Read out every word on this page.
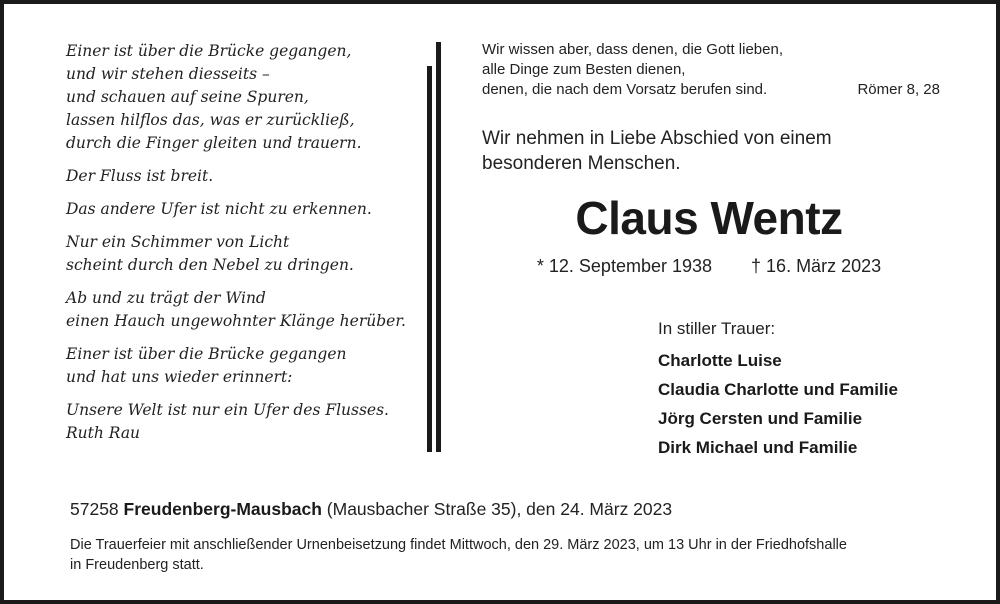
Einer ist über die Brücke gegangen,
und wir stehen diesseits –
und schauen auf seine Spuren,
lassen hilflos das, was er zurückließ,
durch die Finger gleiten und trauern.
Der Fluss ist breit.
Das andere Ufer ist nicht zu erkennen.
Nur ein Schimmer von Licht
scheint durch den Nebel zu dringen.
Ab und zu trägt der Wind
einen Hauch ungewohnter Klänge herüber.
Einer ist über die Brücke gegangen
und hat uns wieder erinnert:
Unsere Welt ist nur ein Ufer des Flusses.
Ruth Rau
Wir wissen aber, dass denen, die Gott lieben,
alle Dinge zum Besten dienen,
denen, die nach dem Vorsatz berufen sind.	Römer 8, 28
Wir nehmen in Liebe Abschied von einem
besonderen Menschen.
Claus Wentz
* 12. September 1938 † 16. März 2023
In stiller Trauer:
Charlotte Luise
Claudia Charlotte und Familie
Jörg Cersten und Familie
Dirk Michael und Familie
57258 Freudenberg-Mausbach (Mausbacher Straße 35), den 24. März 2023
Die Trauerfeier mit anschließender Urnenbeisetzung findet Mittwoch, den 29. März 2023, um 13 Uhr in der Friedhofshalle
in Freudenberg statt.
